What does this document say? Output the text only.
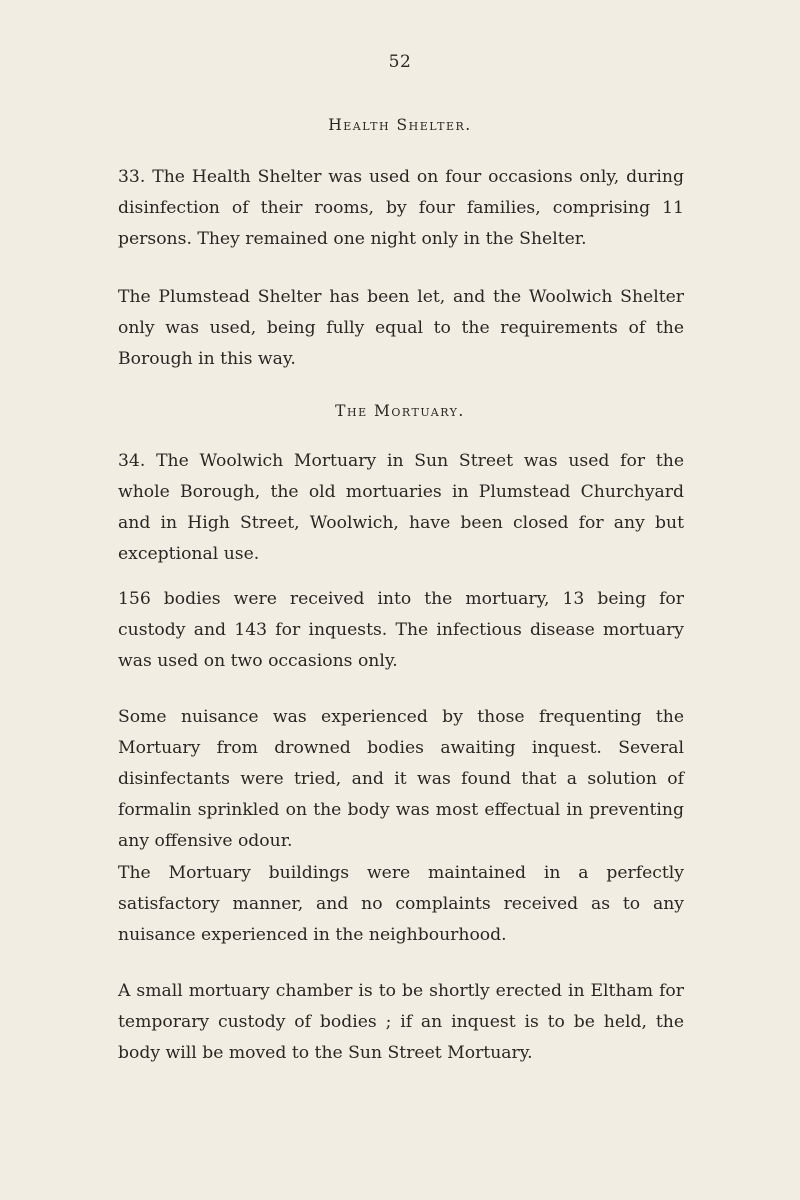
52
Health Shelter.

33. The Health Shelter was used on four occasions only, during disinfection of their rooms, by four families, comprising 11 persons. They remained one night only in the Shelter.

The Plumstead Shelter has been let, and the Woolwich Shelter only was used, being fully equal to the requirements of the Borough in this way.

The Mortuary.

34. The Woolwich Mortuary in Sun Street was used for the whole Borough, the old mortuaries in Plumstead Churchyard and in High Street, Woolwich, have been closed for any but exceptional use.

156 bodies were received into the mortuary, 13 being for custody and 143 for inquests. The infectious disease mortuary was used on two occasions only.

Some nuisance was experienced by those frequenting the Mortuary from drowned bodies awaiting inquest. Several disinfectants were tried, and it was found that a solution of formalin sprinkled on the body was most effectual in preventing any offensive odour.

The Mortuary buildings were maintained in a perfectly satisfactory manner, and no complaints received as to any nuisance experienced in the neighbourhood.

A small mortuary chamber is to be shortly erected in Eltham for temporary custody of bodies ; if an inquest is to be held, the body will be moved to the Sun Street Mortuary.
